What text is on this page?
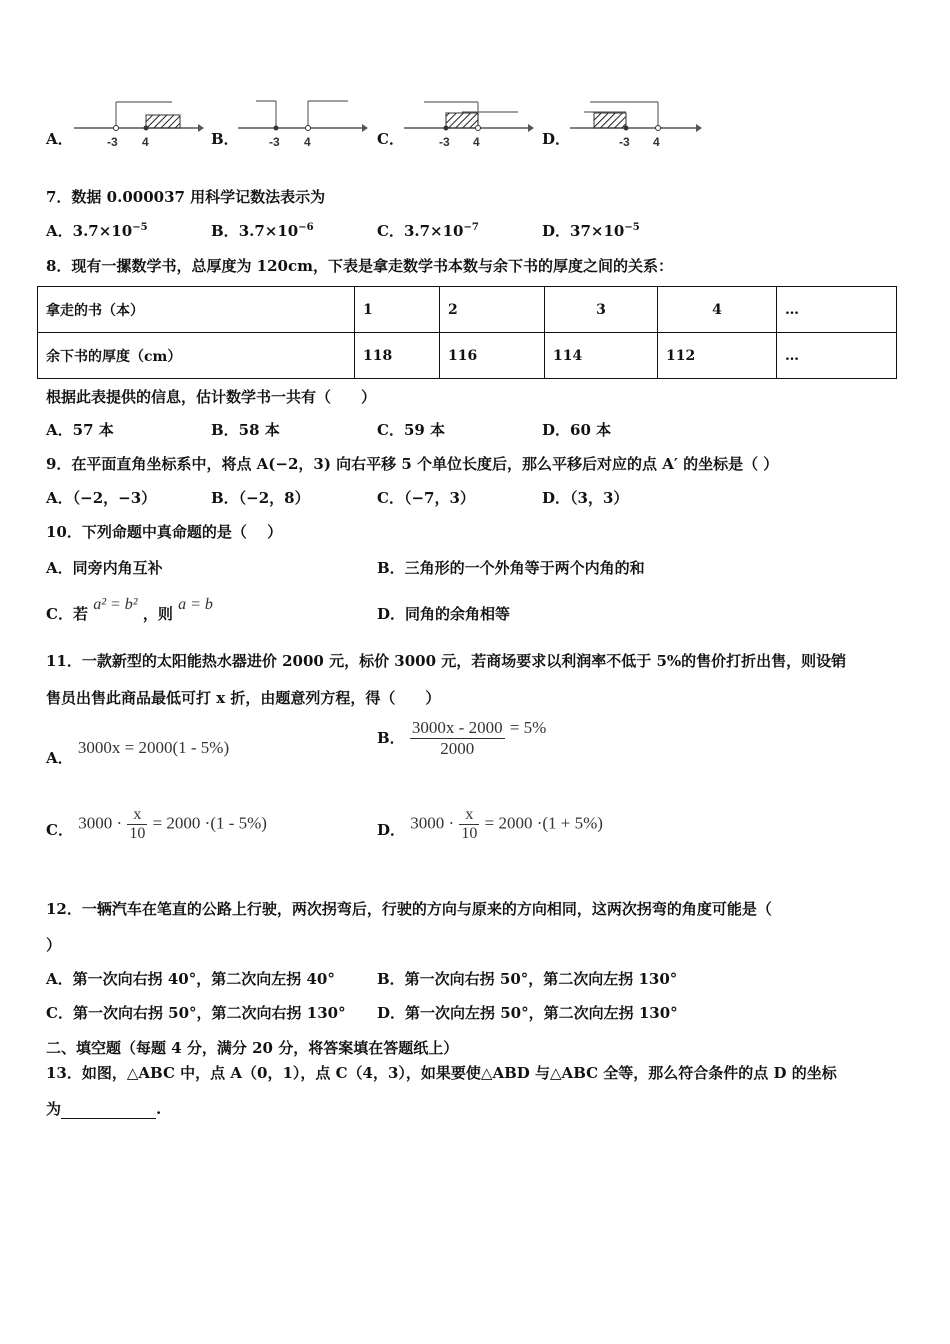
A．	-3 4	B．	-3 4	C．	-3 4	D．	-3 4
7．数据 0.000037 用科学记数法表示为
A．$3.7\times 10^{-5}$	B．$3.7\times 10^{-6}$	C．$3.7\times 10^{-7}$	D．$37\times 10^{-5}$
8．现有一摞数学书，总厚度为 120cm，下表是拿走数学书本数与余下书的厚度之间的关系：
拿走的书（本）	1	2	3	4	…
余下书的厚度（cm）	118	116	114	112	…
根据此表提供的信息，估计数学书一共有（　　）
A．57 本	B．58 本	C．59 本	D．60 本
9．在平面直角坐标系中，将点 A(−2，3) 向右平移 5 个单位长度后，那么平移后对应的点 A′ 的坐标是（ ）
A．（−2，−3）	B．（−2，8）	C．（−7，3）	D．（3，3）
10．下列命题中真命题的是（　 ）
A．同旁内角互补	B．三角形的一个外角等于两个内角的和
C．若 a² = b² ，则 a = b
D．同角的余角相等
11．一款新型的太阳能热水器进价 2000 元，标价 3000 元，若商场要求以利润率不低于 5%的售价打折出售，则设销
售员出售此商品最低可打 x 折，由题意列方程，得（　　）
A． 3000x = 2000(1 - 5%)
B． $\frac{3000x - 2000}{2000} = 5\%$
C． $3000 \cdot \frac{x}{10} = 2000 \cdot(1 - 5\%)$	D． $3000 \cdot \frac{x}{10} = 2000 \cdot(1 + 5\%)$
12．一辆汽车在笔直的公路上行驶，两次拐弯后，行驶的方向与原来的方向相同，这两次拐弯的角度可能是（
）
A．第一次向右拐 40°，第二次向左拐 40°	B．第一次向右拐 50°，第二次向左拐 130°
C．第一次向右拐 50°，第二次向右拐 130° D．第一次向左拐 50°，第二次向左拐 130°
二、填空题（每题 4 分，满分 20 分，将答案填在答题纸上）
13．如图，△ABC 中，点 A（0，1），点 C（4，3），如果要使△ABD 与△ABC 全等，那么符合条件的点 D 的坐标
为	.
